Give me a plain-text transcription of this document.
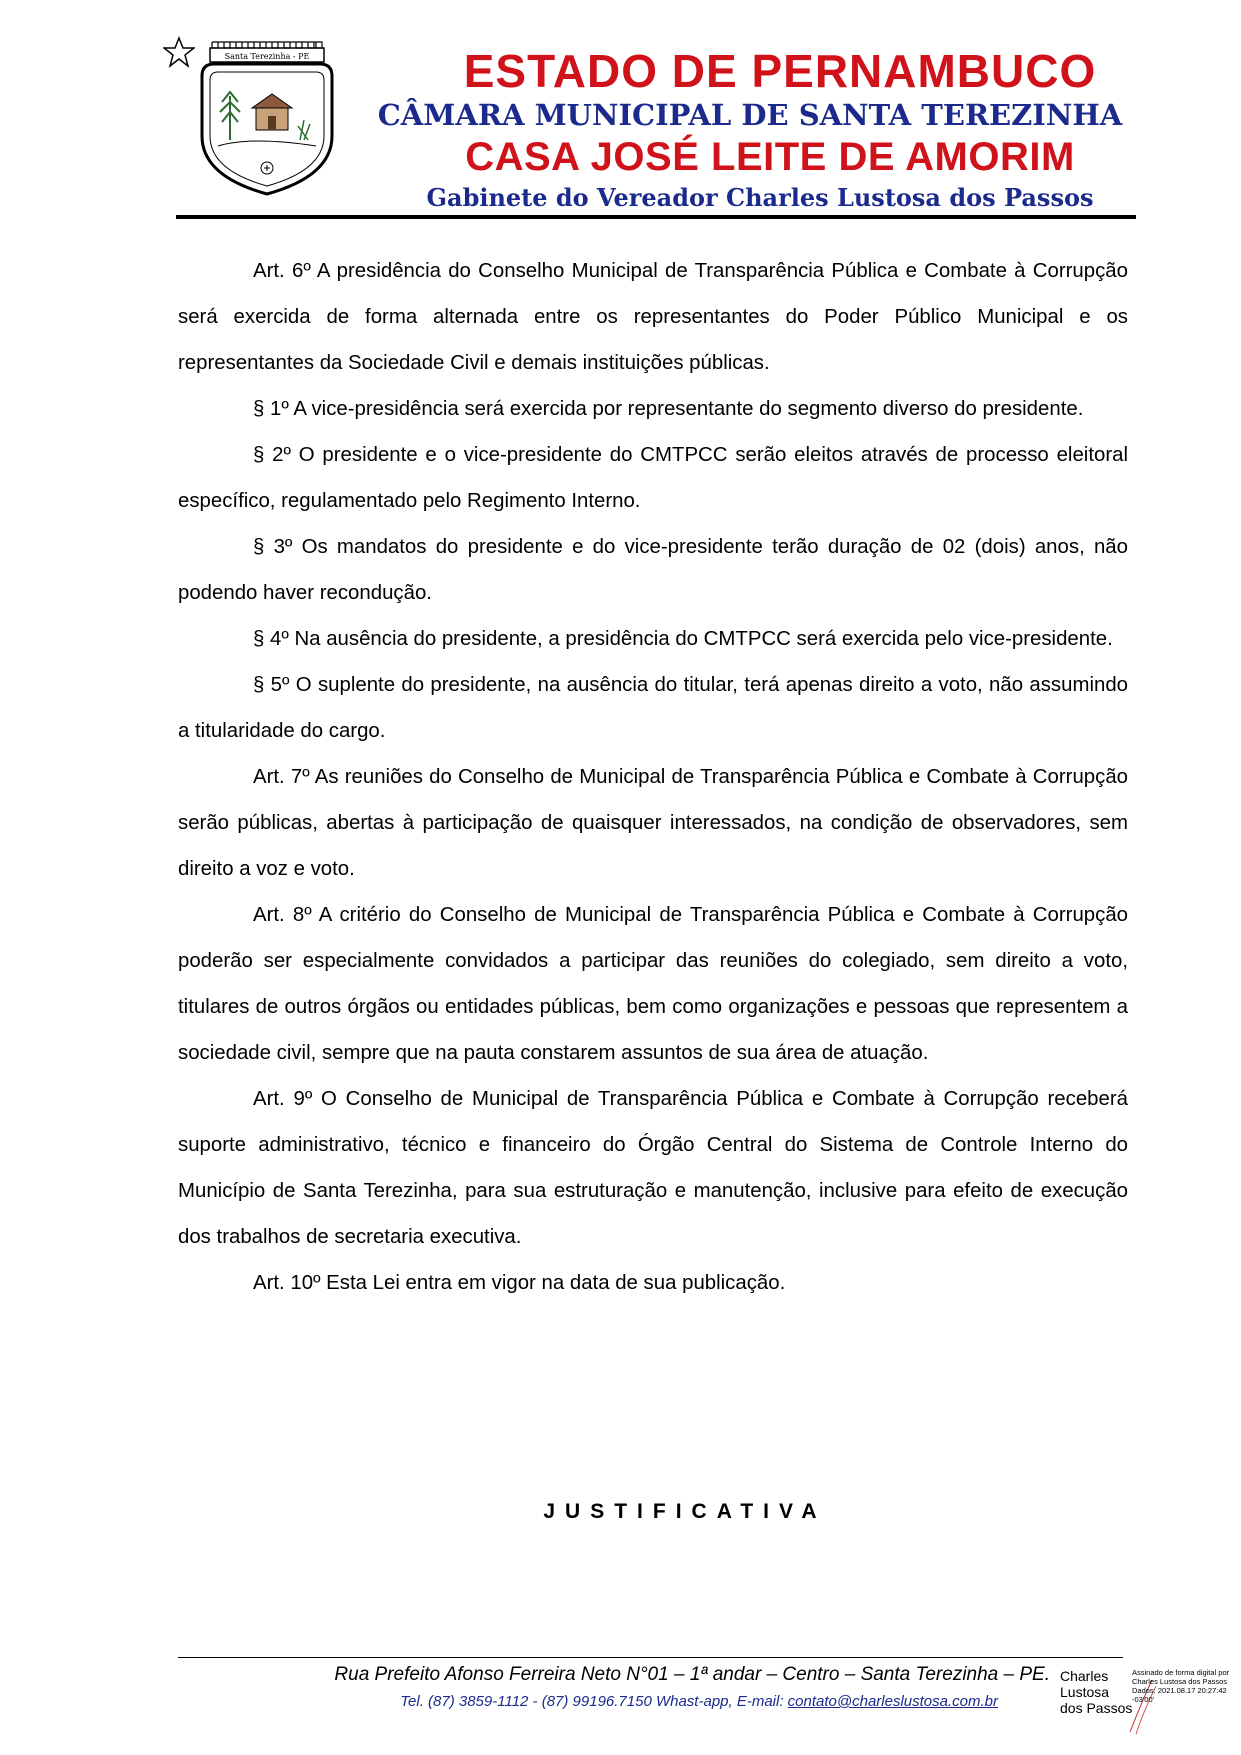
Santa Terezinha - PE	ESTADO DE PERNAMBUCO
CÂMARA MUNICIPAL DE SANTA TEREZINHA
CASA JOSÉ LEITE DE AMORIM
Gabinete do Vereador Charles Lustosa dos Passos

Art. 6º A presidência do Conselho Municipal de Transparência Pública e Combate à Corrupção será exercida de forma alternada entre os representantes do Poder Público Municipal e os representantes da Sociedade Civil e demais instituições públicas.

§ 1º A vice-presidência será exercida por representante do segmento diverso do presidente.

§ 2º O presidente e o vice-presidente do CMTPCC serão eleitos através de processo eleitoral específico, regulamentado pelo Regimento Interno.

§ 3º Os mandatos do presidente e do vice-presidente terão duração de 02 (dois) anos, não podendo haver recondução.

§ 4º Na ausência do presidente, a presidência do CMTPCC será exercida pelo vice-presidente.

§ 5º O suplente do presidente, na ausência do titular, terá apenas direito a voto, não assumindo a titularidade do cargo.

Art. 7º As reuniões do Conselho de Municipal de Transparência Pública e Combate à Corrupção serão públicas, abertas à participação de quaisquer interessados, na condição de observadores, sem direito a voz e voto.

Art. 8º A critério do Conselho de Municipal de Transparência Pública e Combate à Corrupção poderão ser especialmente convidados a participar das reuniões do colegiado, sem direito a voto, titulares de outros órgãos ou entidades públicas, bem como organizações e pessoas que representem a sociedade civil, sempre que na pauta constarem assuntos de sua área de atuação.

Art. 9º O Conselho de Municipal de Transparência Pública e Combate à Corrupção receberá suporte administrativo, técnico e financeiro do Órgão Central do Sistema de Controle Interno do Município de Santa Terezinha, para sua estruturação e manutenção, inclusive para efeito de execução dos trabalhos de secretaria executiva.

Art. 10º Esta Lei entra em vigor na data de sua publicação.

JUSTIFICATIVA
Rua Prefeito Afonso Ferreira Neto N°01 – 1ª andar – Centro – Santa Terezinha – PE.
Tel. (87) 3859-1112 - (87) 99196.7150 Whast-app, E-mail: contato@charleslustosa.com.br
Charles Lustosa dos Passos
Assinado de forma digital por Charles Lustosa dos Passos Dados: 2021.08.17 20:27:42 -03'00'
